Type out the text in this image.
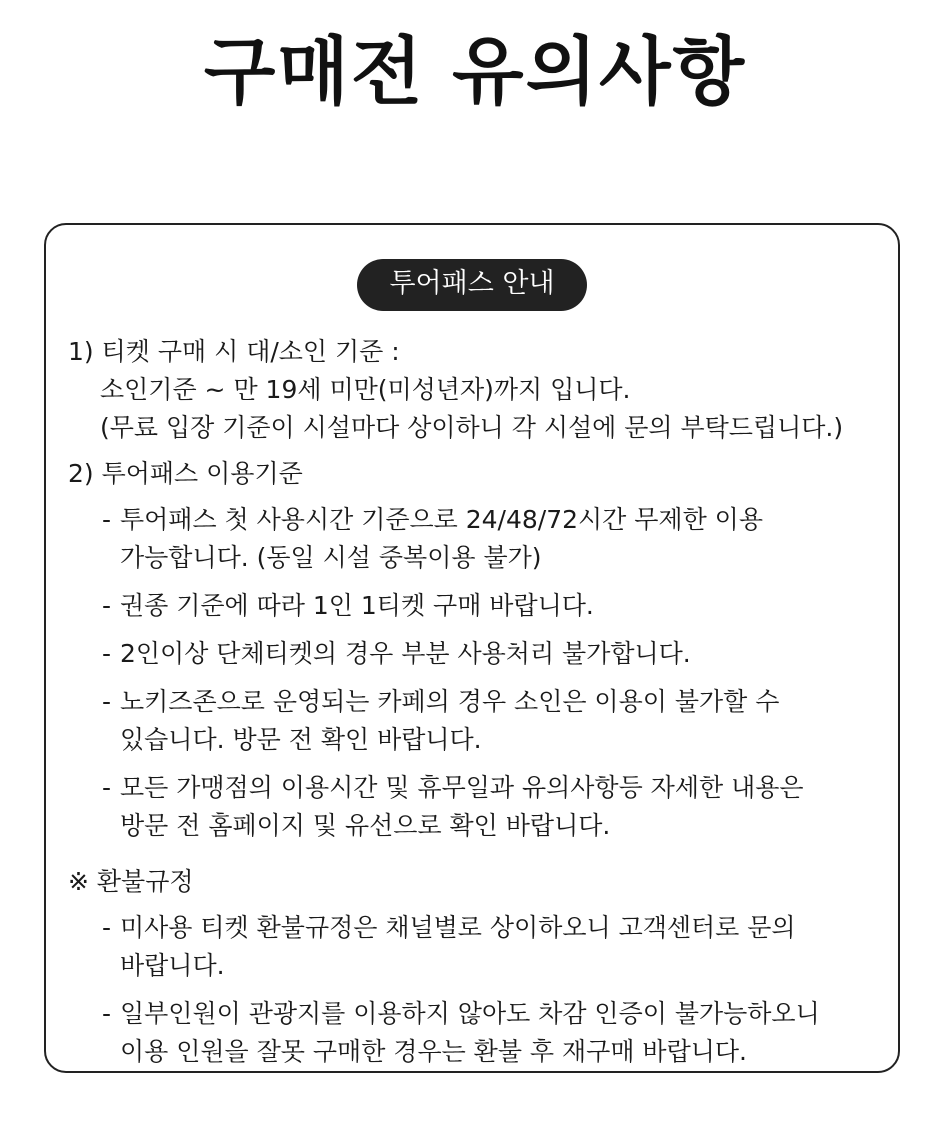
구매전 유의사항
투어패스 안내

1) 티켓 구매 시 대/소인 기준 :

소인기준 ~ 만 19세 미만(미성년자)까지 입니다.

(무료 입장 기준이 시설마다 상이하니 각 시설에 문의 부탁드립니다.)

2) 투어패스 이용기준

- 투어패스 첫 사용시간 기준으로 24/48/72시간 무제한 이용
가능합니다. (동일 시설 중복이용 불가)
- 권종 기준에 따라 1인 1티켓 구매 바랍니다.
- 2인이상 단체티켓의 경우 부분 사용처리 불가합니다.
- 노키즈존으로 운영되는 카페의 경우 소인은 이용이 불가할 수
있습니다. 방문 전 확인 바랍니다.
- 모든 가맹점의 이용시간 및 휴무일과 유의사항등 자세한 내용은
방문 전 홈페이지 및 유선으로 확인 바랍니다.

※ 환불규정

- 미사용 티켓 환불규정은 채널별로 상이하오니 고객센터로 문의
바랍니다.
- 일부인원이 관광지를 이용하지 않아도 차감 인증이 불가능하오니
이용 인원을 잘못 구매한 경우는 환불 후 재구매 바랍니다.
